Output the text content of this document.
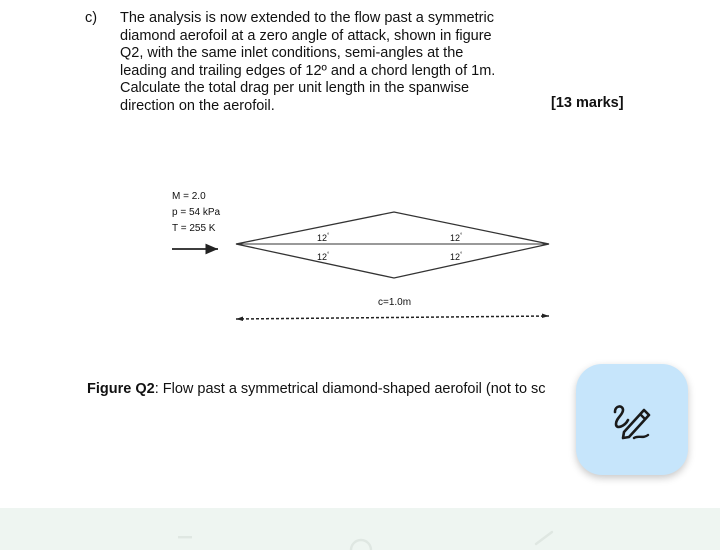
c) The analysis is now extended to the flow past a symmetric
diamond aerofoil at a zero angle of attack, shown in figure
Q2, with the same inlet conditions, semi-angles at the
leading and trailing edges of 12º and a chord length of 1m.
Calculate the total drag per unit length in the spanwise
direction on the aerofoil.	[13 marks]
M = 2.0
p = 54 kPa
T = 255 K
12°
12°
12°
12°
c=1.0m
Figure Q2: Flow past a symmetrical diamond-shaped aerofoil (not to sc
